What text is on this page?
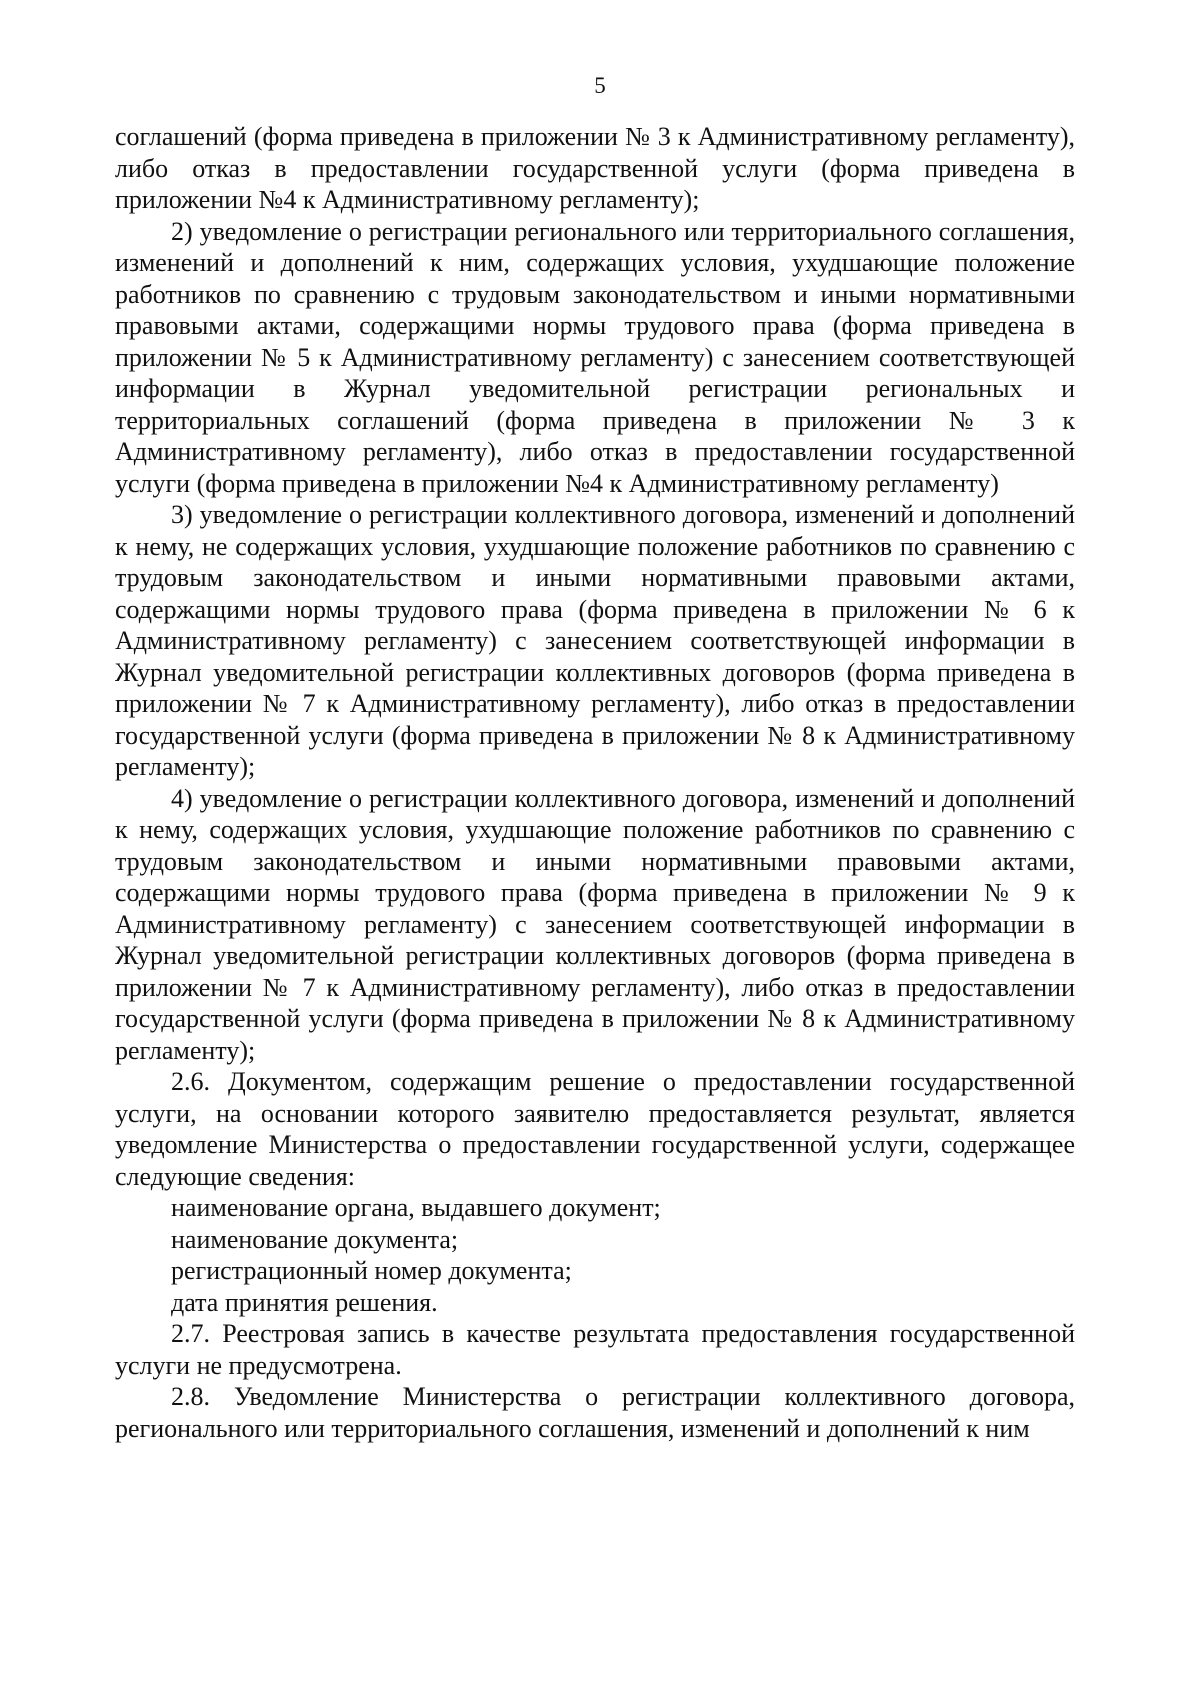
5

соглашений (форма приведена в приложении № 3 к Административному регламенту), либо отказ в предоставлении государственной услуги (форма приведена в приложении №4 к Административному регламенту);

2) уведомление о регистрации регионального или территориального соглашения, изменений и дополнений к ним, содержащих условия, ухудшающие положение работников по сравнению с трудовым законодательством и иными нормативными правовыми актами, содержащими нормы трудового права (форма приведена в приложении № 5 к Административному регламенту) с занесением соответствующей информации в Журнал уведомительной регистрации региональных и территориальных соглашений (форма приведена в приложении № 3 к Административному регламенту), либо отказ в предоставлении государственной услуги (форма приведена в приложении №4 к Административному регламенту)

3) уведомление о регистрации коллективного договора, изменений и дополнений к нему, не содержащих условия, ухудшающие положение работников по сравнению с трудовым законодательством и иными нормативными правовыми актами, содержащими нормы трудового права (форма приведена в приложении № 6 к Административному регламенту) с занесением соответствующей информации в Журнал уведомительной регистрации коллективных договоров (форма приведена в приложении № 7 к Административному регламенту), либо отказ в предоставлении государственной услуги (форма приведена в приложении № 8 к Административному регламенту);

4) уведомление о регистрации коллективного договора, изменений и дополнений к нему, содержащих условия, ухудшающие положение работников по сравнению с трудовым законодательством и иными нормативными правовыми актами, содержащими нормы трудового права (форма приведена в приложении № 9 к Административному регламенту) с занесением соответствующей информации в Журнал уведомительной регистрации коллективных договоров (форма приведена в приложении № 7 к Административному регламенту), либо отказ в предоставлении государственной услуги (форма приведена в приложении № 8 к Административному регламенту);

2.6. Документом, содержащим решение о предоставлении государственной услуги, на основании которого заявителю предоставляется результат, является уведомление Министерства о предоставлении государственной услуги, содержащее следующие сведения:

наименование органа, выдавшего документ;

наименование документа;

регистрационный номер документа;

дата принятия решения.

2.7. Реестровая запись в качестве результата предоставления государственной услуги не предусмотрена.

2.8. Уведомление Министерства о регистрации коллективного договора, регионального или территориального соглашения, изменений и дополнений к ним
